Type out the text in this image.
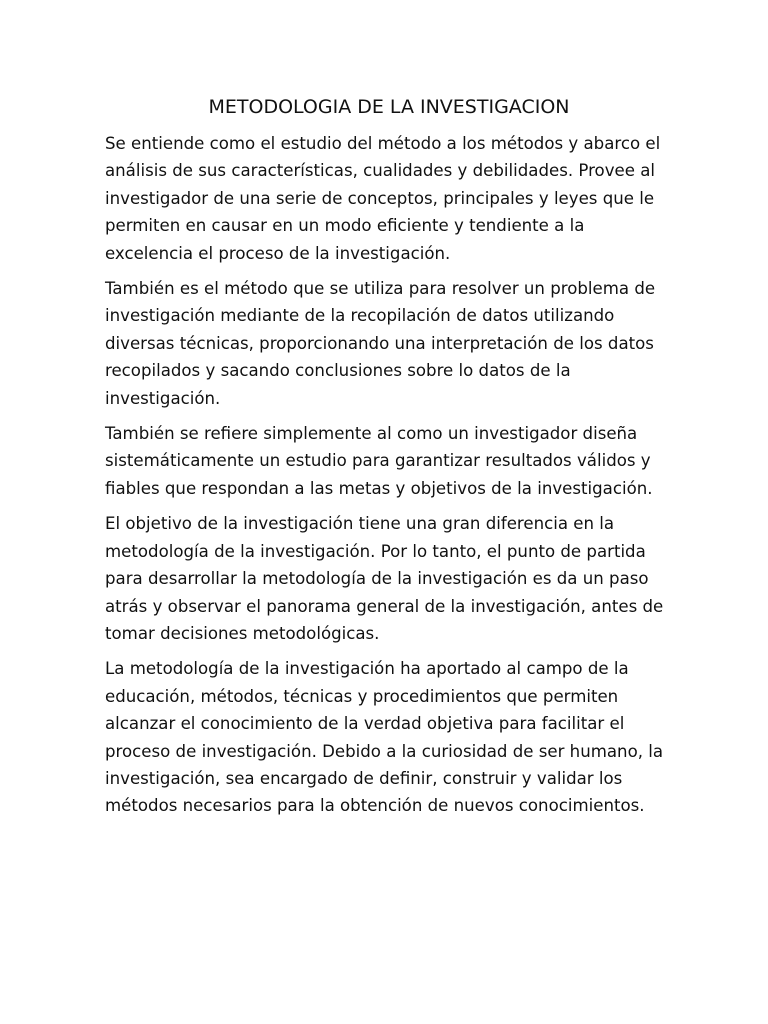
METODOLOGIA DE LA INVESTIGACION

Se entiende como el estudio del método a los métodos y abarco el análisis de sus características, cualidades y debilidades. Provee al investigador de una serie de conceptos, principales y leyes que le permiten en causar en un modo eficiente y tendiente a la excelencia el proceso de la investigación.

También es el método que se utiliza para resolver un problema de investigación mediante de la recopilación de datos utilizando diversas técnicas, proporcionando una interpretación de los datos recopilados y sacando conclusiones sobre lo datos de la investigación.

También se refiere simplemente al como un investigador diseña sistemáticamente un estudio para garantizar resultados válidos y fiables que respondan a las metas y objetivos de la investigación.

El objetivo de la investigación tiene una gran diferencia en la metodología de la investigación. Por lo tanto, el punto de partida para desarrollar la metodología de la investigación es da un paso atrás y observar el panorama general de la investigación, antes de tomar decisiones metodológicas.

La metodología de la investigación ha aportado al campo de la educación, métodos, técnicas y procedimientos que permiten alcanzar el conocimiento de la verdad objetiva para facilitar el proceso de investigación. Debido a la curiosidad de ser humano, la investigación, sea encargado de definir, construir y validar los métodos necesarios para la obtención de nuevos conocimientos.
